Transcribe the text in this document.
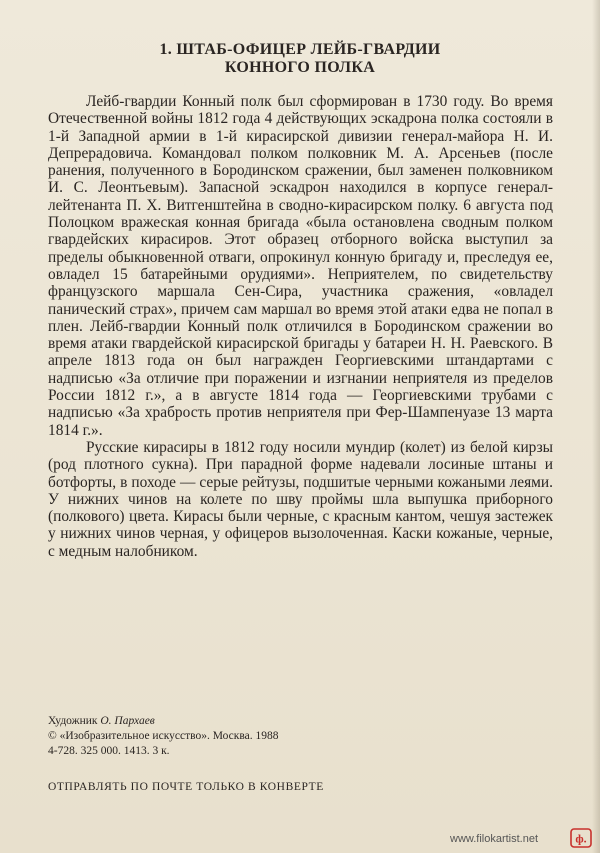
1. ШТАБ-ОФИЦЕР ЛЕЙБ-ГВАРДИИ
КОННОГО ПОЛКА

Лейб-гвардии Конный полк был сформирован в 1730 году. Во время Отечественной войны 1812 года 4 действующих эскадрона полка состояли в 1-й Западной армии в 1-й кирасирской дивизии генерал-майора Н. И. Депрерадовича. Командовал полком полковник М. А. Арсеньев (после ранения, полученного в Бородинском сражении, был заменен полковником И. С. Леонтьевым). Запасной эскадрон находился в корпусе генерал-лейтенанта П. Х. Витгенштейна в сводно-кирасирском полку. 6 августа под Полоцком вражеская конная бригада «была остановлена сводным полком гвардейских кирасиров. Этот образец отборного войска выступил за пределы обыкновенной отваги, опрокинул конную бригаду и, преследуя ее, овладел 15 батарейными орудиями». Неприятелем, по свидетельству французского маршала Сен-Сира, участника сражения, «овладел панический страх», причем сам маршал во время этой атаки едва не попал в плен. Лейб-гвардии Конный полк отличился в Бородинском сражении во время атаки гвардейской кирасирской бригады у батареи Н. Н. Раевского. В апреле 1813 года он был награжден Георгиевскими штандартами с надписью «За отличие при поражении и изгнании неприятеля из пределов России 1812 г.», а в августе 1814 года — Георгиевскими трубами с надписью «За храбрость против неприятеля при Фер-Шампенуазе 13 марта 1814 г.».

Русские кирасиры в 1812 году носили мундир (колет) из белой кирзы (род плотного сукна). При парадной форме надевали лосиные штаны и ботфорты, в походе — серые рейтузы, подшитые черными кожаными леями. У нижних чинов на колете по шву проймы шла выпушка приборного (полкового) цвета. Кирасы были черные, с красным кантом, чешуя застежек у нижних чинов черная, у офицеров вызолоченная. Каски кожаные, черные, с медным налобником.

Художник О. Пархаев
© «Изобразительное искусство». Москва. 1988
4-728. 325 000. 1413. 3 к.
ОТПРАВЛЯТЬ ПО ПОЧТЕ ТОЛЬКО В КОНВЕРТЕ
www.filokartist.net	ф.
